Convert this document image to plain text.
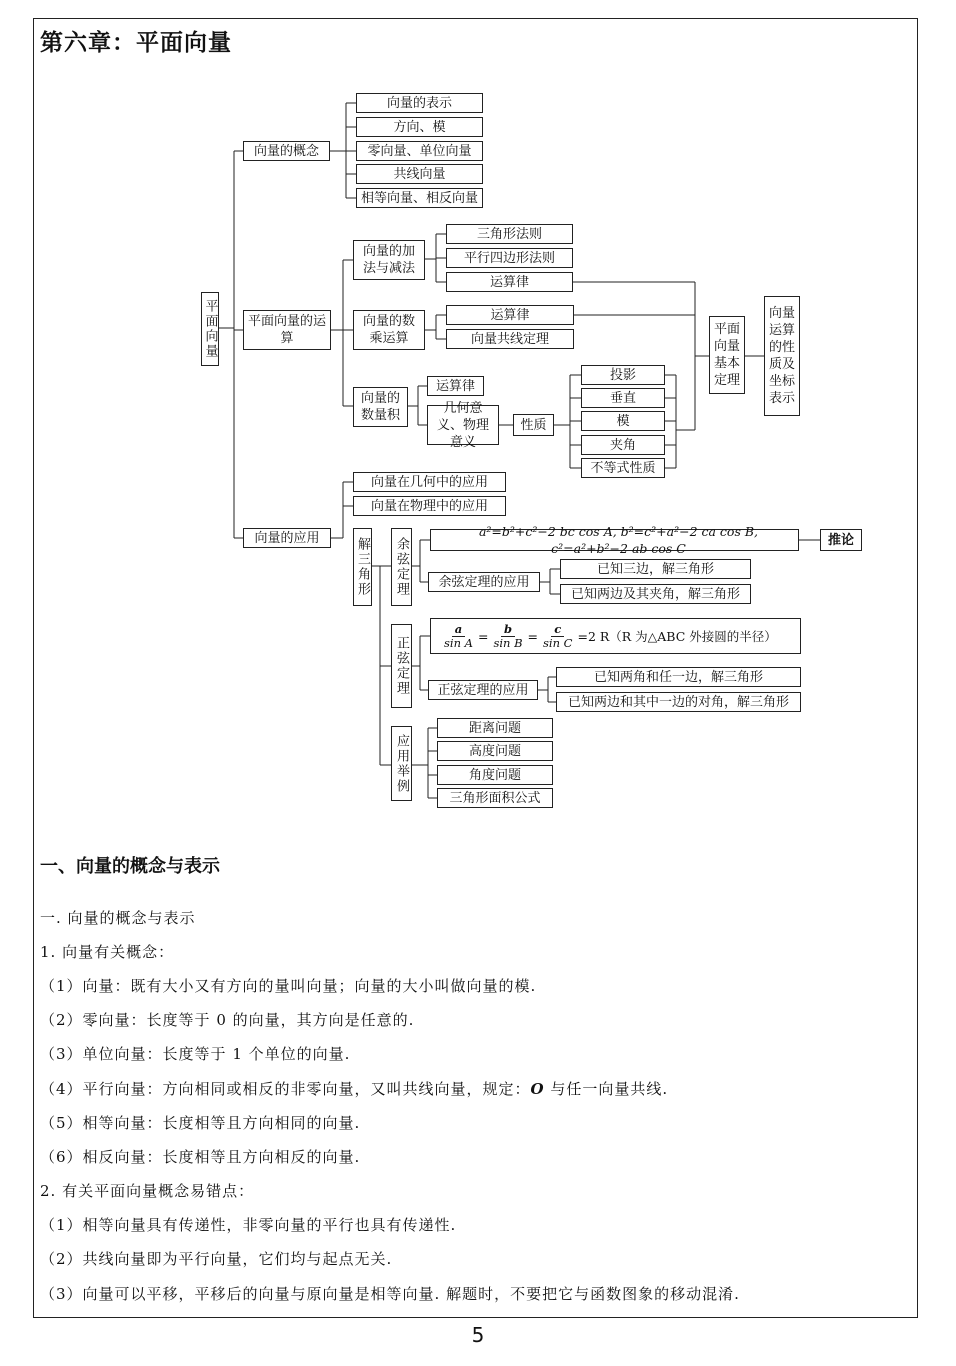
第六章：平面向量
平面向量
向量的概念
向量的表示
方向、模
零向量、单位向量
共线向量
相等向量、相反向量
平面向量的运算
向量的加法与减法
三角形法则
平行四边形法则
运算律
向量的数乘运算
运算律
向量共线定理
向量的数量积
运算律
几何意义、物理意义
性质
投影
垂直
模
夹角
不等式性质
平面向量基本定理
向量运算的性质及坐标表示
向量的应用
向量在几何中的应用
向量在物理中的应用
解三角形 余弦定理
a²=b²+c²−2 bc cos A, b²=c²+a²−2 ca cos B, c²=a²+b²−2 ab cos C
推论
余弦定理的应用
已知三边，解三角形
已知两边及其夹角，解三角形
正弦定理	$\frac{a}{\text{sin A}} = \frac{b}{\text{sin B}} = \frac{c}{\text{sin C}} =2$ R（R 为△ABC 外接圆的半径）
正弦定理的应用
已知两角和任一边，解三角形
已知两边和其中一边的对角，解三角形
应用举例
距离问题
高度问题
角度问题
三角形面积公式
一、向量的概念与表示
一. 向量的概念与表示
1. 向量有关概念：
（1）向量：既有大小又有方向的量叫向量；向量的大小叫做向量的模.
（2）零向量：长度等于 0 的向量，其方向是任意的.
（3）单位向量：长度等于 1 个单位的向量.
（4）平行向量：方向相同或相反的非零向量，又叫共线向量，规定：O 与任一向量共线.
（5）相等向量：长度相等且方向相同的向量.
（6）相反向量：长度相等且方向相反的向量.
2. 有关平面向量概念易错点：
（1）相等向量具有传递性，非零向量的平行也具有传递性.
（2）共线向量即为平行向量，它们均与起点无关.
（3）向量可以平移，平移后的向量与原向量是相等向量. 解题时，不要把它与函数图象的移动混淆.
5
